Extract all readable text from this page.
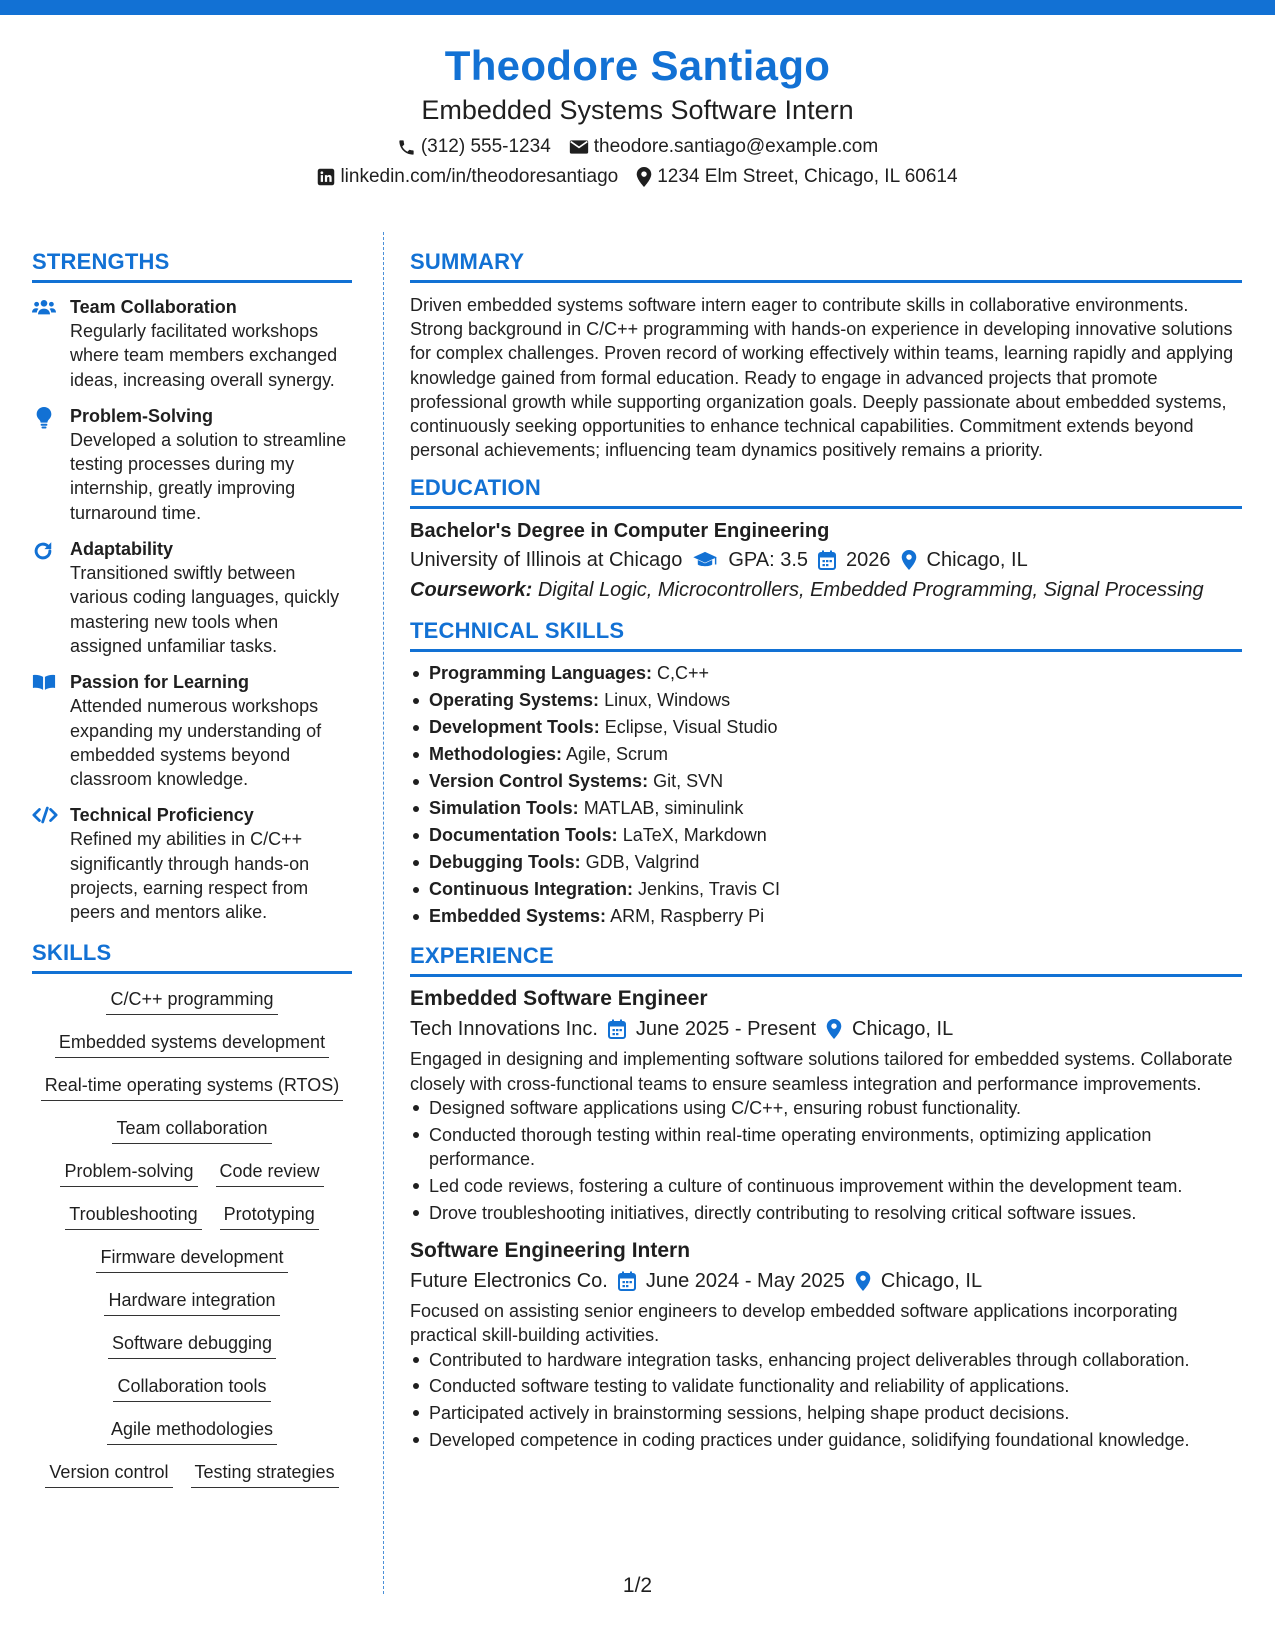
Theodore Santiago
Embedded Systems Software Intern
(312) 555-1234 theodore.santiago@example.com
linkedin.com/in/theodoresantiago 1234 Elm Street, Chicago, IL 60614
STRENGTHS
Team Collaboration
Regularly facilitated workshops where team members exchanged ideas, increasing overall synergy.
Problem-Solving
Developed a solution to streamline testing processes during my internship, greatly improving turnaround time.
Adaptability
Transitioned swiftly between various coding languages, quickly mastering new tools when assigned unfamiliar tasks.
Passion for Learning
Attended numerous workshops expanding my understanding of embedded systems beyond classroom knowledge.
Technical Proficiency
Refined my abilities in C/C++ significantly through hands-on projects, earning respect from peers and mentors alike.
SKILLS
C/C++ programming
Embedded systems development
Real-time operating systems (RTOS)
Team collaboration
Problem-solving Code review
Troubleshooting Prototyping
Firmware development
Hardware integration
Software debugging
Collaboration tools
Agile methodologies
Version control Testing strategies
SUMMARY
Driven embedded systems software intern eager to contribute skills in collaborative environments. Strong background in C/C++ programming with hands-on experience in developing innovative solutions for complex challenges. Proven record of working effectively within teams, learning rapidly and applying knowledge gained from formal education. Ready to engage in advanced projects that promote professional growth while supporting organization goals. Deeply passionate about embedded systems, continuously seeking opportunities to enhance technical capabilities. Commitment extends beyond personal achievements; influencing team dynamics positively remains a priority.
EDUCATION
Bachelor's Degree in Computer Engineering
University of Illinois at Chicago GPA: 3.5 2026 Chicago, IL
Coursework: Digital Logic, Microcontrollers, Embedded Programming, Signal Processing
TECHNICAL SKILLS
Programming Languages: C,C++
Operating Systems: Linux, Windows
Development Tools: Eclipse, Visual Studio
Methodologies: Agile, Scrum
Version Control Systems: Git, SVN
Simulation Tools: MATLAB, siminulink
Documentation Tools: LaTeX, Markdown
Debugging Tools: GDB, Valgrind
Continuous Integration: Jenkins, Travis CI
Embedded Systems: ARM, Raspberry Pi
EXPERIENCE
Embedded Software Engineer
Tech Innovations Inc. June 2025 - Present Chicago, IL
Engaged in designing and implementing software solutions tailored for embedded systems. Collaborate closely with cross-functional teams to ensure seamless integration and performance improvements.
Designed software applications using C/C++, ensuring robust functionality.
Conducted thorough testing within real-time operating environments, optimizing application performance.
Led code reviews, fostering a culture of continuous improvement within the development team.
Drove troubleshooting initiatives, directly contributing to resolving critical software issues.
Software Engineering Intern
Future Electronics Co. June 2024 - May 2025 Chicago, IL
Focused on assisting senior engineers to develop embedded software applications incorporating practical skill-building activities.
Contributed to hardware integration tasks, enhancing project deliverables through collaboration.
Conducted software testing to validate functionality and reliability of applications.
Participated actively in brainstorming sessions, helping shape product decisions.
Developed competence in coding practices under guidance, solidifying foundational knowledge.
1/2
